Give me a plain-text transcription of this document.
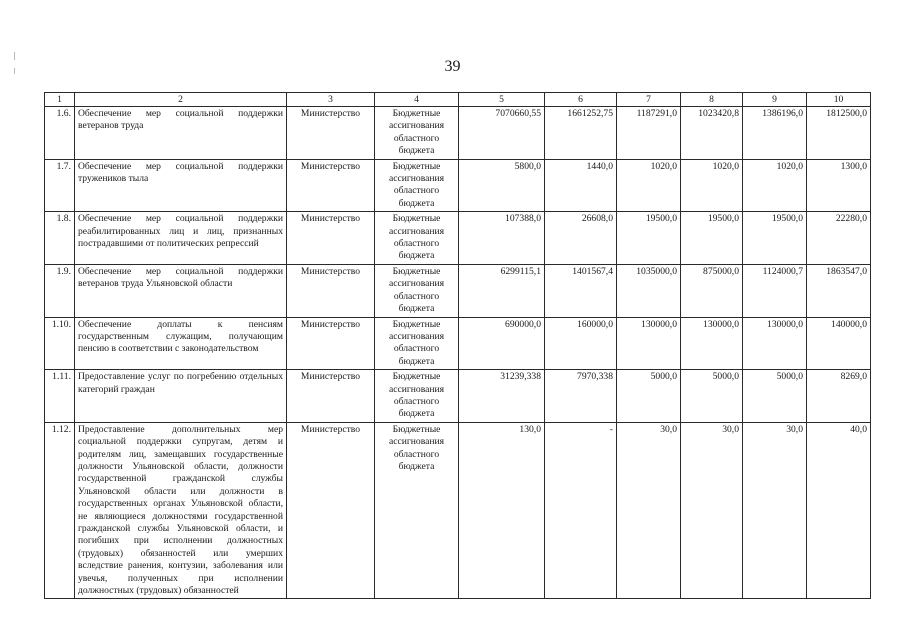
39
1	2	3	4	5	6	7	8	9	10
1.6.	Обеспечение мер социальной поддержки ветеранов труда	Министерство	Бюджетные ассигнования областного бюджета	7070660,55	1661252,75	1187291,0	1023420,8	1386196,0	1812500,0
1.7.	Обеспечение мер социальной поддержки тружеников тыла	Министерство	Бюджетные ассигнования областного бюджета	5800,0	1440,0	1020,0	1020,0	1020,0	1300,0
1.8.	Обеспечение мер социальной поддержки реабилитированных лиц и лиц, признанных пострадавшими от политических репрессий	Министерство	Бюджетные ассигнования областного бюджета	107388,0	26608,0	19500,0	19500,0	19500,0	22280,0
1.9.	Обеспечение мер социальной поддержки ветеранов труда Ульяновской области	Министерство	Бюджетные ассигнования областного бюджета	6299115,1	1401567,4	1035000,0	875000,0	1124000,7	1863547,0
1.10.	Обеспечение доплаты к пенсиям государственным служащим, получающим пенсию в соответствии с законодательством	Министерство	Бюджетные ассигнования областного бюджета	690000,0	160000,0	130000,0	130000,0	130000,0	140000,0
1.11.	Предоставление услуг по погребению отдельных категорий граждан	Министерство	Бюджетные ассигнования областного бюджета	31239,338	7970,338	5000,0	5000,0	5000,0	8269,0
1.12.	Предоставление дополнительных мер социальной поддержки супругам, детям и родителям лиц, замещавших государственные должности Ульяновской области, должности государственной гражданской службы Ульяновской области или должности в государственных органах Ульяновской области, не являющиеся должностями государственной гражданской службы Ульяновской области, и погибших при исполнении должностных (трудовых) обязанностей или умерших вследствие ранения, контузии, заболевания или увечья, полученных при исполнении должностных (трудовых) обязанностей	Министерство	Бюджетные ассигнования областного бюджета	130,0	-	30,0	30,0	30,0	40,0
